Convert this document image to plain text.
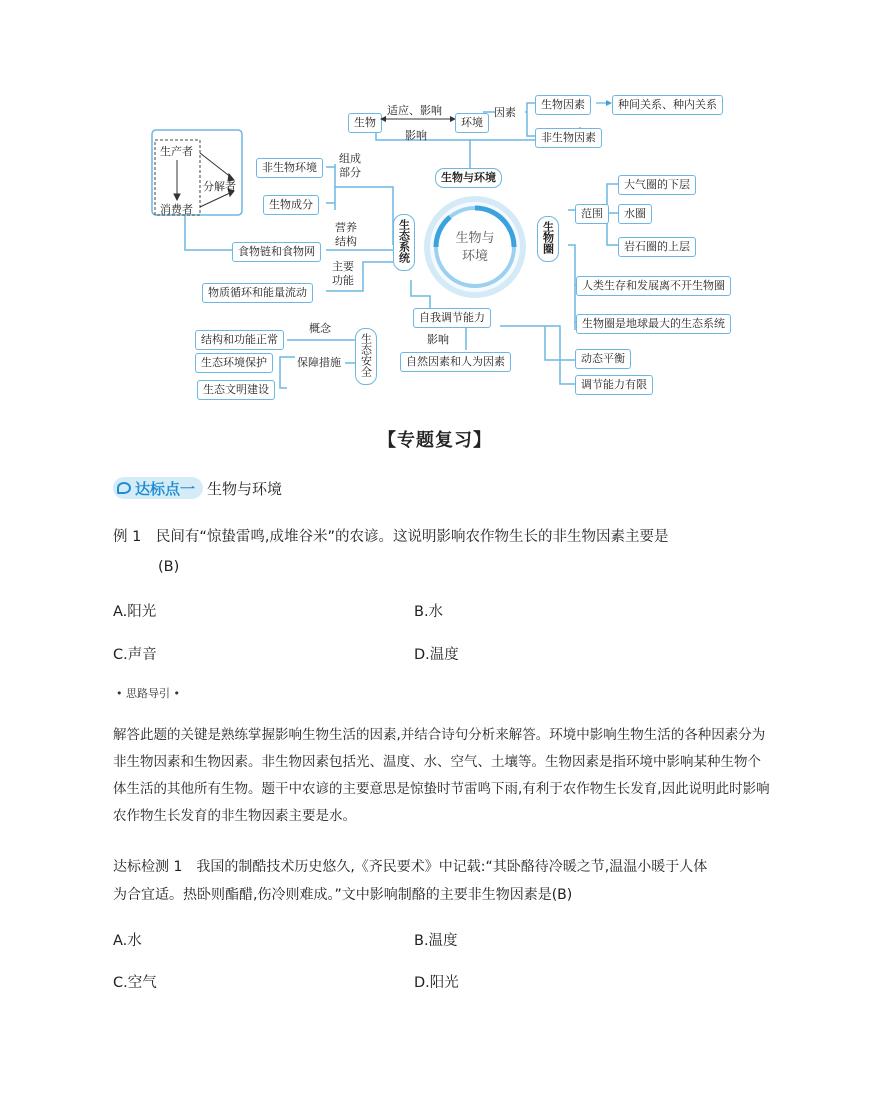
生物与
环境
生物
适应、影响
影响
环境
因素
生物因素	种间关系、种内关系
非生物因素
生物与环境
生产者
分解者
消费者
非生物环境
生物成分
组成
部分
营养
结构
食物链和食物网
主要
功能
物质循环和能量流动
生态系统	生物圈
自我调节能力
影响
自然因素和人为因素	动态平衡
调节能力有限
生态安全
概念
结构和功能正常
保障措施
生态环境保护
生态文明建设
范围
大气圈的下层
水圈
岩石圈的上层
人类生存和发展离不开生物圈
生物圈是地球最大的生态系统
【专题复习】
达标点一 生物与环境
例 1　民间有“惊蛰雷鸣,成堆谷米”的农谚。这说明影响农作物生长的非生物因素主要是
(B)
A.阳光	B.水
C.声音	D.温度
• 思路导引 •
解答此题的关键是熟练掌握影响生物生活的因素,并结合诗句分析来解答。环境中影响生物生活的各种因素分为
非生物因素和生物因素。非生物因素包括光、温度、水、空气、土壤等。生物因素是指环境中影响某种生物个
体生活的其他所有生物。题干中农谚的主要意思是惊蛰时节雷鸣下雨,有利于农作物生长发育,因此说明此时影响
农作物生长发育的非生物因素主要是水。
达标检测 1　我国的制酷技术历史悠久,《齐民要术》中记载:“其卧酪待冷暖之节,温温小暖于人体
为合宜适。热卧则酯醋,伤冷则难成。”文中影响制酪的主要非生物因素是(B)
A.水	B.温度
C.空气	D.阳光
